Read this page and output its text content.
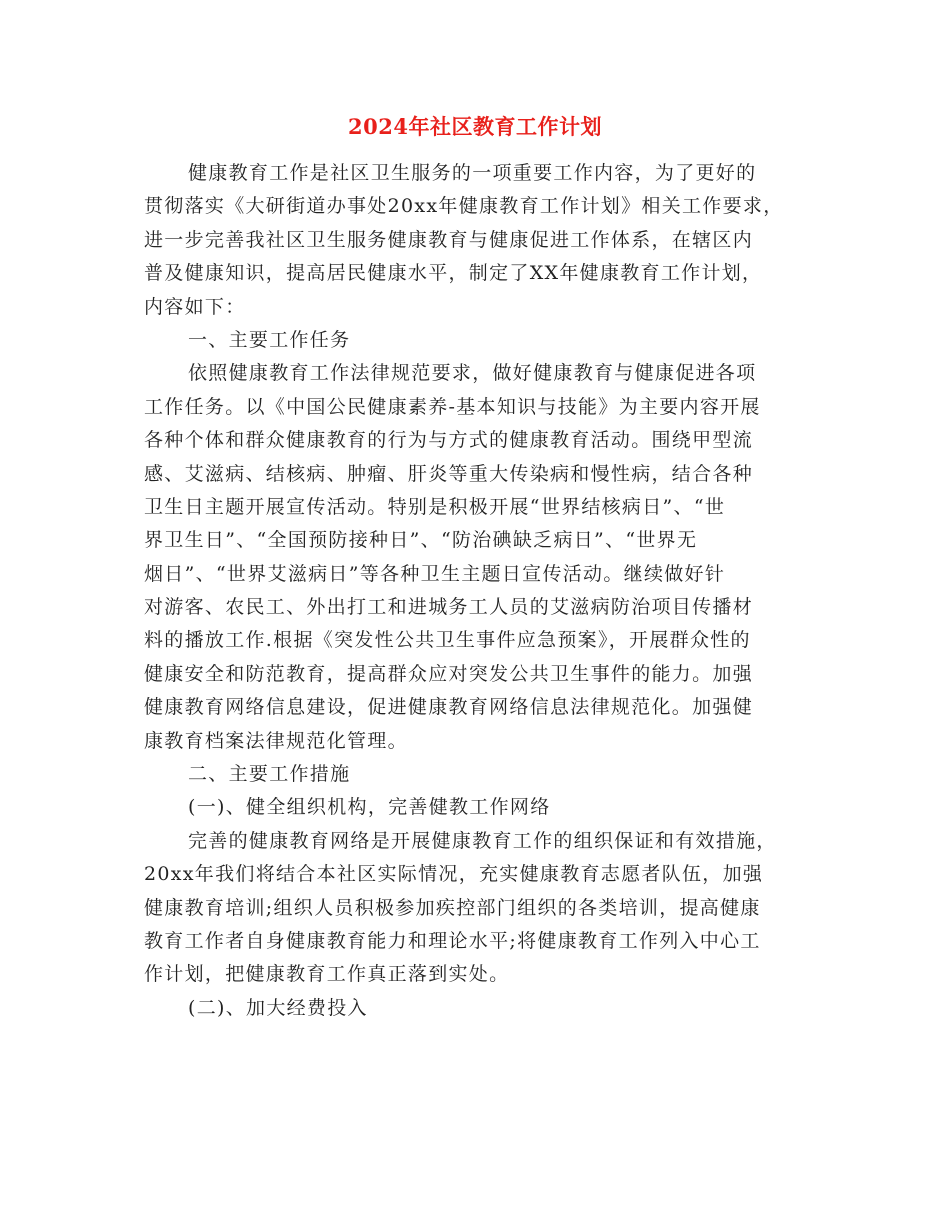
2024年社区教育工作计划
健康教育工作是社区卫生服务的一项重要工作内容，为了更好的
贯彻落实《大研街道办事处20xx年健康教育工作计划》相关工作要求，
进一步完善我社区卫生服务健康教育与健康促进工作体系，在辖区内
普及健康知识，提高居民健康水平，制定了XX年健康教育工作计划，
内容如下：
一、主要工作任务
依照健康教育工作法律规范要求，做好健康教育与健康促进各项
工作任务。以《中国公民健康素养-基本知识与技能》为主要内容开展
各种个体和群众健康教育的行为与方式的健康教育活动。围绕甲型流
感、艾滋病、结核病、肿瘤、肝炎等重大传染病和慢性病，结合各种
卫生日主题开展宣传活动。特别是积极开展“世界结核病日”、“世
界卫生日”、“全国预防接种日”、“防治碘缺乏病日”、“世界无
烟日”、“世界艾滋病日”等各种卫生主题日宣传活动。继续做好针
对游客、农民工、外出打工和进城务工人员的艾滋病防治项目传播材
料的播放工作.根据《突发性公共卫生事件应急预案》，开展群众性的
健康安全和防范教育，提高群众应对突发公共卫生事件的能力。加强
健康教育网络信息建设，促进健康教育网络信息法律规范化。加强健
康教育档案法律规范化管理。
二、主要工作措施
(一)、健全组织机构，完善健教工作网络
完善的健康教育网络是开展健康教育工作的组织保证和有效措施，
20xx年我们将结合本社区实际情况，充实健康教育志愿者队伍，加强
健康教育培训;组织人员积极参加疾控部门组织的各类培训，提高健康
教育工作者自身健康教育能力和理论水平;将健康教育工作列入中心工
作计划，把健康教育工作真正落到实处。
(二)、加大经费投入
